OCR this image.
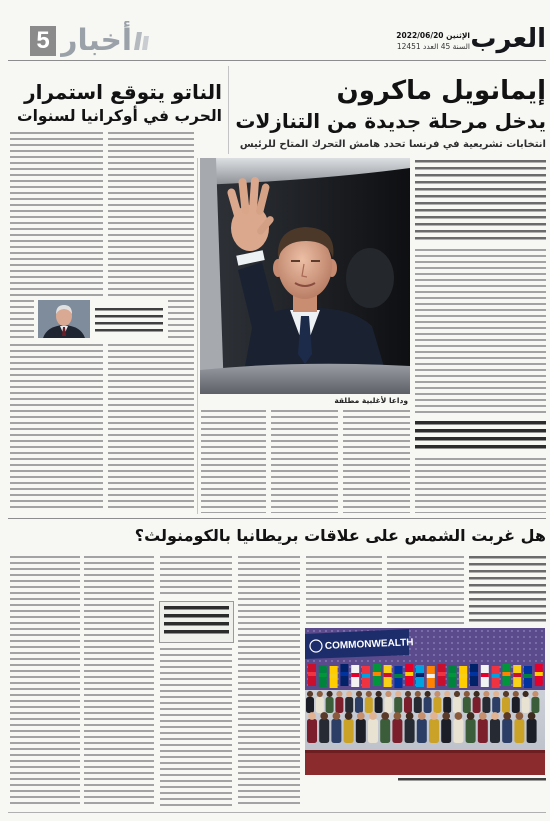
العرب
الإثنين 2022/06/20
السنة 45 العدد 12451
5 أخبار
الناتو يتوقع استمرار
الحرب في أوكرانيا لسنوات
إيمانويل ماكرون
يدخل مرحلة جديدة من التنازلات
انتخابات تشريعية في فرنسا تحدد هامش التحرك المتاح للرئيس
وداعا لأغلبية مطلقة
هل غربت الشمس على علاقات بريطانيا بالكومنولث؟
COMMONWEALTH
